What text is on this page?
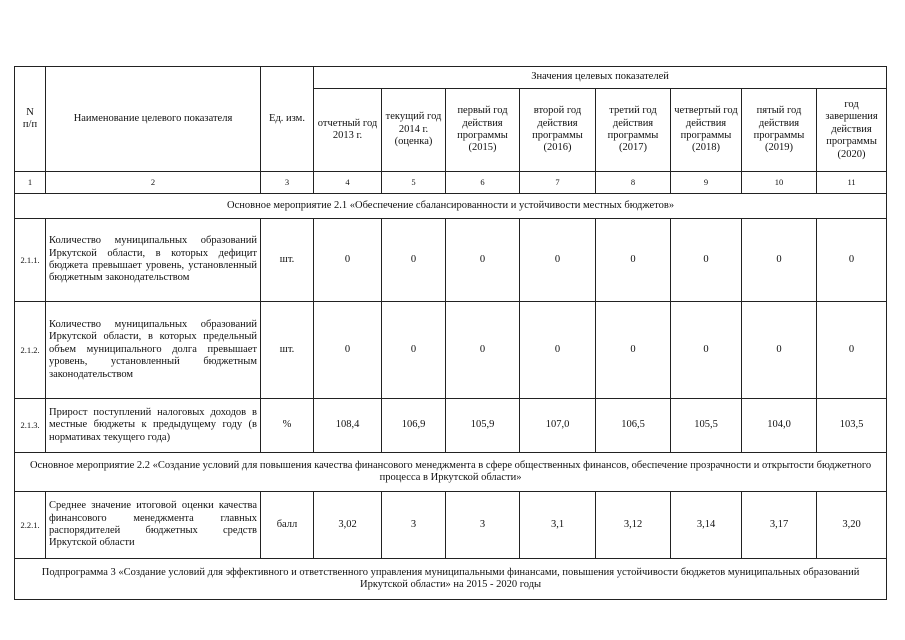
N
п/п	Наименование целевого показателя	Ед. изм.	Значения целевых показателей							
			отчетный год 2013 г.	текущий год 2014 г. (оценка)	первый год действия программы (2015)	второй год действия программы (2016)	третий год действия программы (2017)	четвертый год действия программы (2018)	пятый год действия программы (2019)	год завершения действия программы (2020)
1	2	3	4	5	6	7	8	9	10	11
Основное мероприятие 2.1 «Обеспечение сбалансированности и устойчивости местных бюджетов»										
2.1.1.	Количество муниципальных образований Иркутской области, в которых дефицит бюджета превышает уровень, установленный бюджетным законодательством	шт.	0	0	0	0	0	0	0	0
2.1.2.	Количество муниципальных образований Иркутской области, в которых предельный объем муниципального долга превышает уровень, установленный бюджетным законодательством	шт.	0	0	0	0	0	0	0	0
2.1.3.	Прирост поступлений налоговых доходов в местные бюджеты к предыдущему году (в нормативах текущего года)	%	108,4	106,9	105,9	107,0	106,5	105,5	104,0	103,5
Основное мероприятие 2.2 «Создание условий для повышения качества финансового менеджмента в сфере общественных финансов, обеспечение прозрачности и открытости бюджетного процесса в Иркутской области»										
2.2.1.	Среднее значение итоговой оценки качества финансового менеджмента главных распорядителей бюджетных средств Иркутской области	балл	3,02	3	3	3,1	3,12	3,14	3,17	3,20
Подпрограмма 3 «Создание условий для эффективного и ответственного управления муниципальными финансами, повышения устойчивости бюджетов муниципальных образований Иркутской области» на 2015 - 2020 годы										
